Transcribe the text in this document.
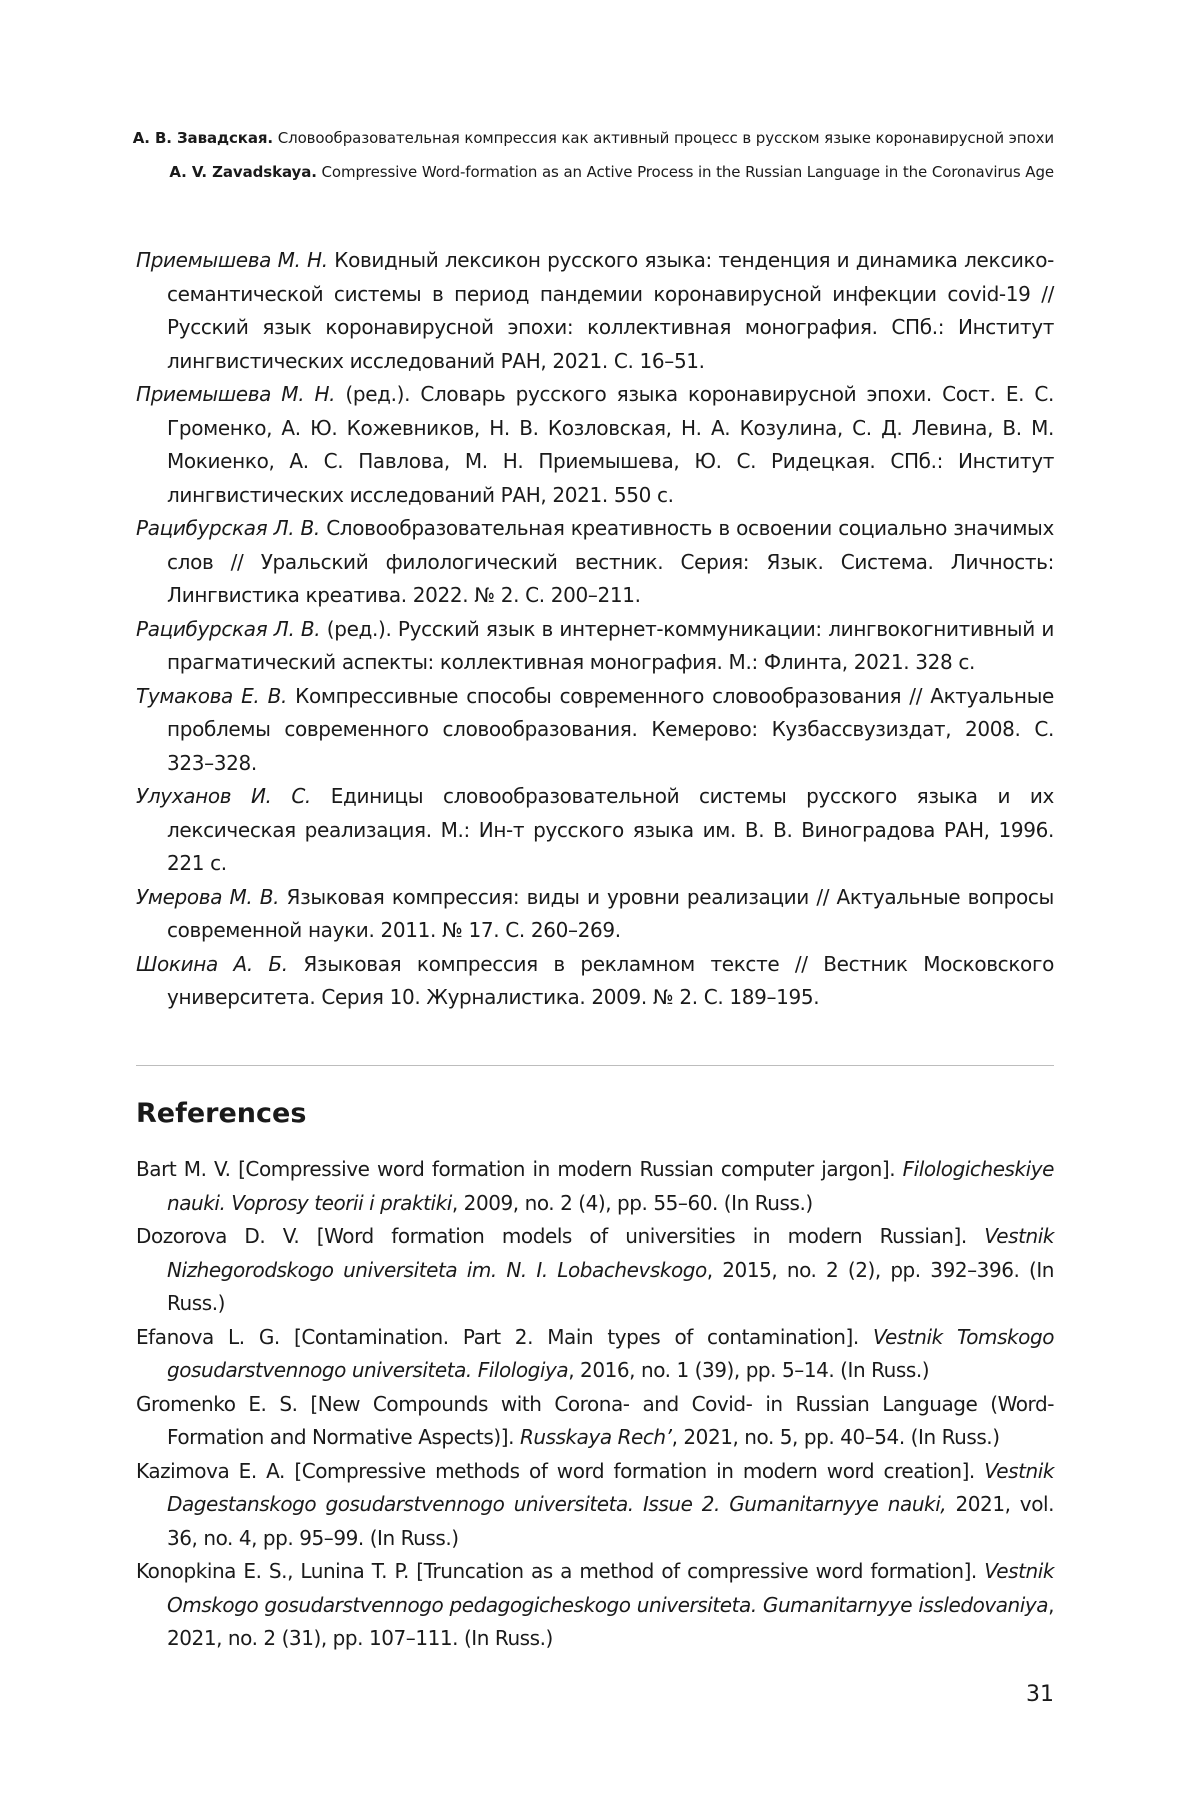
А. В. Завадская. Словообразовательная компрессия как активный процесс в русском языке коронавирусной эпохи
A. V. Zavadskaya. Compressive Word-formation as an Active Process in the Russian Language in the Coronavirus Age
Приемышева М. Н. Ковидный лексикон русского языка: тенденция и динамика лексико-семантической системы в период пандемии коронавирусной инфекции covid-19 // Русский язык коронавирусной эпохи: коллективная монография. СПб.: Институт лингвистических исследований РАН, 2021. С. 16–51.
Приемышева М. Н. (ред.). Словарь русского языка коронавирусной эпохи. Сост. Е. С. Громенко, А. Ю. Кожевников, Н. В. Козловская, Н. А. Козулина, С. Д. Левина, В. М. Мокиенко, А. С. Павлова, М. Н. Приемышева, Ю. С. Ридецкая. СПб.: Институт лингвистических исследований РАН, 2021. 550 с.
Рацибурская Л. В. Словообразовательная креативность в освоении социально значимых слов // Уральский филологический вестник. Серия: Язык. Система. Личность: Лингвистика креатива. 2022. № 2. С. 200–211.
Рацибурская Л. В. (ред.). Русский язык в интернет-коммуникации: лингвокогнитивный и прагматический аспекты: коллективная монография. М.: Флинта, 2021. 328 с.
Тумакова Е. В. Компрессивные способы современного словообразования // Актуальные проблемы современного словообразования. Кемерово: Кузбассвузиздат, 2008. С. 323–328.
Улуханов И. С. Единицы словообразовательной системы русского языка и их лексическая реализация. М.: Ин-т русского языка им. В. В. Виноградова РАН, 1996. 221 с.
Умерова М. В. Языковая компрессия: виды и уровни реализации // Актуальные вопросы современной науки. 2011. № 17. С. 260–269.
Шокина А. Б. Языковая компрессия в рекламном тексте // Вестник Московского университета. Серия 10. Журналистика. 2009. № 2. С. 189–195.
References
Bart M. V. [Compressive word formation in modern Russian computer jargon]. Filologicheskiye nauki. Voprosy teorii i praktiki, 2009, no. 2 (4), pp. 55–60. (In Russ.)
Dozorova D. V. [Word formation models of universities in modern Russian]. Vestnik Nizhegorodskogo universiteta im. N. I. Lobachevskogo, 2015, no. 2 (2), pp. 392–396. (In Russ.)
Efanova L. G. [Contamination. Part 2. Main types of contamination]. Vestnik Tomskogo gosudarstvennogo universiteta. Filologiya, 2016, no. 1 (39), pp. 5–14. (In Russ.)
Gromenko E. S. [New Compounds with Corona- and Covid- in Russian Language (Word-Formation and Normative Aspects)]. Russkaya Rech’, 2021, no. 5, pp. 40–54. (In Russ.)
Kazimova E. A. [Compressive methods of word formation in modern word creation]. Vestnik Dagestanskogo gosudarstvennogo universiteta. Issue 2. Gumanitarnyye nauki, 2021, vol. 36, no. 4, pp. 95–99. (In Russ.)
Konopkina E. S., Lunina T. P. [Truncation as a method of compressive word formation]. Vestnik Omskogo gosudarstvennogo pedagogicheskogo universiteta. Gumanitarnyye issledovaniya, 2021, no. 2 (31), pp. 107–111. (In Russ.)
31
